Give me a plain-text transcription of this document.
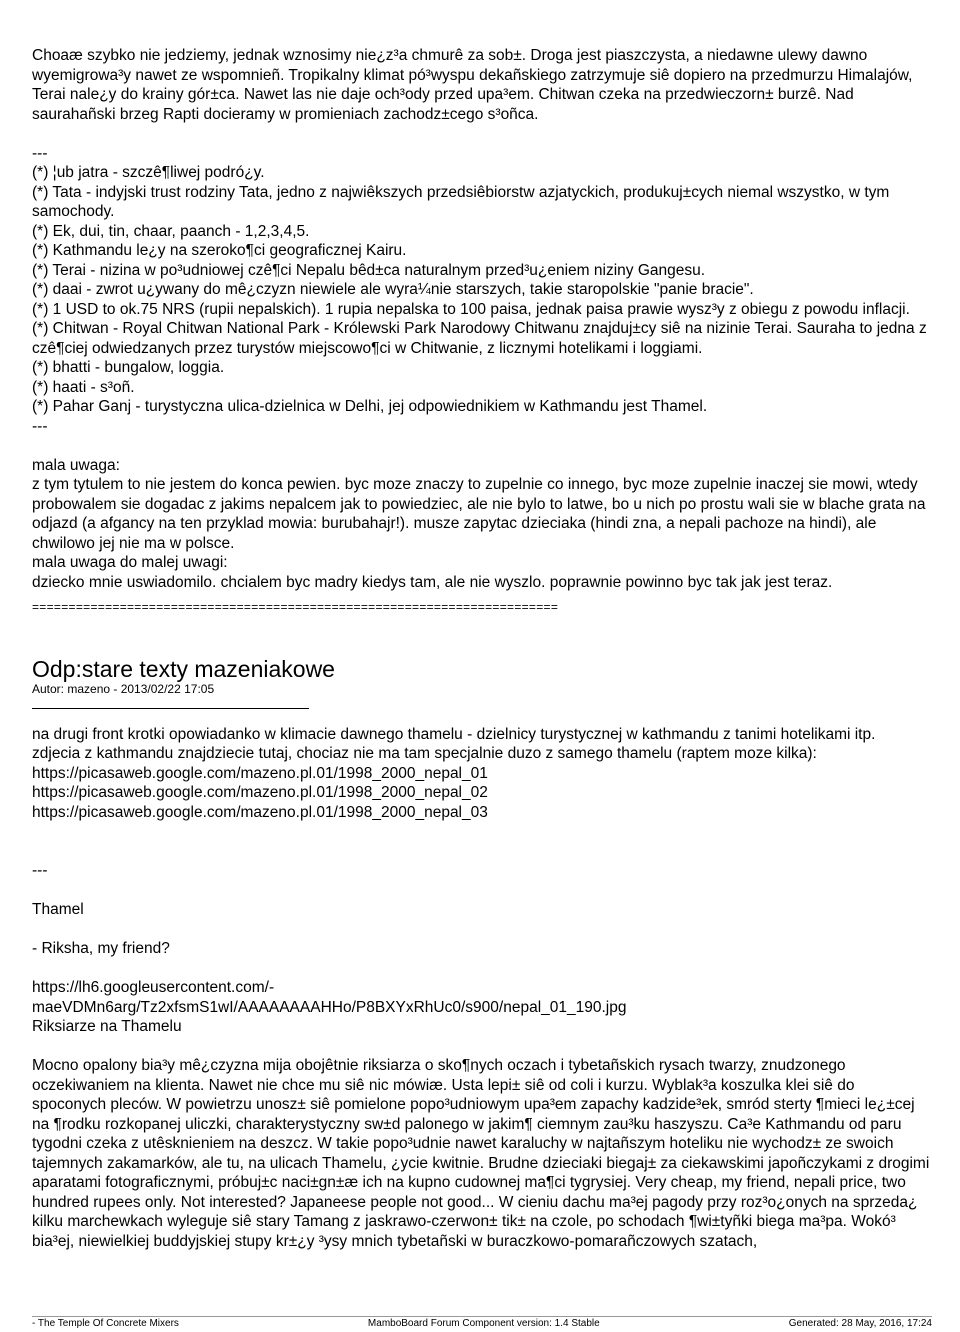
Choaæ szybko nie jedziemy, jednak wznosimy nie¿z³a chmurê za sob±. Droga jest piaszczysta, a niedawne ulewy dawno wyemigrowa³y nawet ze wspomnieñ. Tropikalny klimat pó³wyspu dekañskiego zatrzymuje siê dopiero na przedmurzu Himalajów, Terai nale¿y do krainy gór±ca. Nawet las nie daje och³ody przed upa³em. Chitwan czeka na przedwieczorn± burzê. Nad saurahañski brzeg Rapti docieramy w promieniach zachodz±cego s³oñca.

---

(*) ¦ub jatra - szczê¶liwej podró¿y.

(*) Tata - indyjski trust rodziny Tata, jedno z najwiêkszych przedsiêbiorstw azjatyckich, produkuj±cych niemal wszystko, w tym samochody.

(*) Ek, dui, tin, chaar, paanch - 1,2,3,4,5.

(*) Kathmandu le¿y na szeroko¶ci geograficznej Kairu.

(*) Terai - nizina w po³udniowej czê¶ci Nepalu bêd±ca naturalnym przed³u¿eniem niziny Gangesu.

(*) daai - zwrot u¿ywany do mê¿czyzn niewiele ale wyra¼nie starszych, takie staropolskie "panie bracie".

(*) 1 USD to ok.75 NRS (rupii nepalskich). 1 rupia nepalska to 100 paisa, jednak paisa prawie wysz³y z obiegu z powodu inflacji.

(*) Chitwan - Royal Chitwan National Park - Królewski Park Narodowy Chitwanu znajduj±cy siê na nizinie Terai. Sauraha to jedna z czê¶ciej odwiedzanych przez turystów miejscowo¶ci w Chitwanie, z licznymi hotelikami i loggiami.

(*) bhatti - bungalow, loggia.

(*) haati - s³oñ.

(*) Pahar Ganj - turystyczna ulica-dzielnica w Delhi, jej odpowiednikiem w Kathmandu jest Thamel.

---

mala uwaga:

z tym tytulem to nie jestem do konca pewien. byc moze znaczy to zupelnie co innego, byc moze zupelnie inaczej sie mowi, wtedy probowalem sie dogadac z jakims nepalcem jak to powiedziec, ale nie bylo to latwe, bo u nich po prostu wali sie w blache grata na odjazd (a afgancy na ten przyklad mowia: burubahajr!). musze zapytac dzieciaka (hindi zna, a nepali pachoze na hindi), ale chwilowo jej nie ma w polsce.

mala uwaga do malej uwagi:

dziecko mnie uswiadomilo. chcialem byc madry kiedys tam, ale nie wyszlo. poprawnie powinno byc tak jak jest teraz.

========================================================================

Odp:stare texty mazeniakowe

Autor: mazeno - 2013/02/22 17:05

na drugi front krotki opowiadanko w klimacie dawnego thamelu - dzielnicy turystycznej w kathmandu z tanimi hotelikami itp.

zdjecia z kathmandu znajdziecie tutaj, chociaz nie ma tam specjalnie duzo z samego thamelu (raptem moze kilka):

https://picasaweb.google.com/mazeno.pl.01/1998_2000_nepal_01

https://picasaweb.google.com/mazeno.pl.01/1998_2000_nepal_02

https://picasaweb.google.com/mazeno.pl.01/1998_2000_nepal_03

---

Thamel

- Riksha, my friend?

https://lh6.googleusercontent.com/-

maeVDMn6arg/Tz2xfsmS1wI/AAAAAAAAHHo/P8BXYxRhUc0/s900/nepal_01_190.jpg

Riksiarze na Thamelu

Mocno opalony bia³y mê¿czyzna mija obojêtnie riksiarza o sko¶nych oczach i tybetañskich rysach twarzy, znudzonego oczekiwaniem na klienta. Nawet nie chce mu siê nic mówiæ. Usta lepi± siê od coli i kurzu. Wyblak³a koszulka klei siê do spoconych pleców. W powietrzu unosz± siê pomielone popo³udniowym upa³em zapachy kadzide³ek, smród sterty ¶mieci le¿±cej na ¶rodku rozkopanej uliczki, charakterystyczny sw±d palonego w jakim¶ ciemnym zau³ku haszyszu. Ca³e Kathmandu od paru tygodni czeka z utêsknieniem na deszcz. W takie popo³udnie nawet karaluchy w najtañszym hoteliku nie wychodz± ze swoich tajemnych zakamarków, ale tu, na ulicach Thamelu, ¿ycie kwitnie. Brudne dzieciaki biegaj± za ciekawskimi japoñczykami z drogimi aparatami fotograficznymi, próbuj±c naci±gn±æ ich na kupno cudownej ma¶ci tygrysiej. Very cheap, my friend, nepali price, two hundred rupees only. Not interested? Japaneese people not good... W cieniu dachu ma³ej pagody przy roz³o¿onych na sprzeda¿ kilku marchewkach wyleguje siê stary Tamang z jaskrawo-czerwon± tik± na czole, po schodach ¶wi±tyñki biega ma³pa. Wokó³ bia³ej, niewielkiej buddyjskiej stupy kr±¿y ³ysy mnich tybetañski w buraczkowo-pomarañczowych szatach,

- The Temple Of Concrete Mixers	MamboBoard Forum Component version: 1.4 Stable	Generated: 28 May, 2016, 17:24
